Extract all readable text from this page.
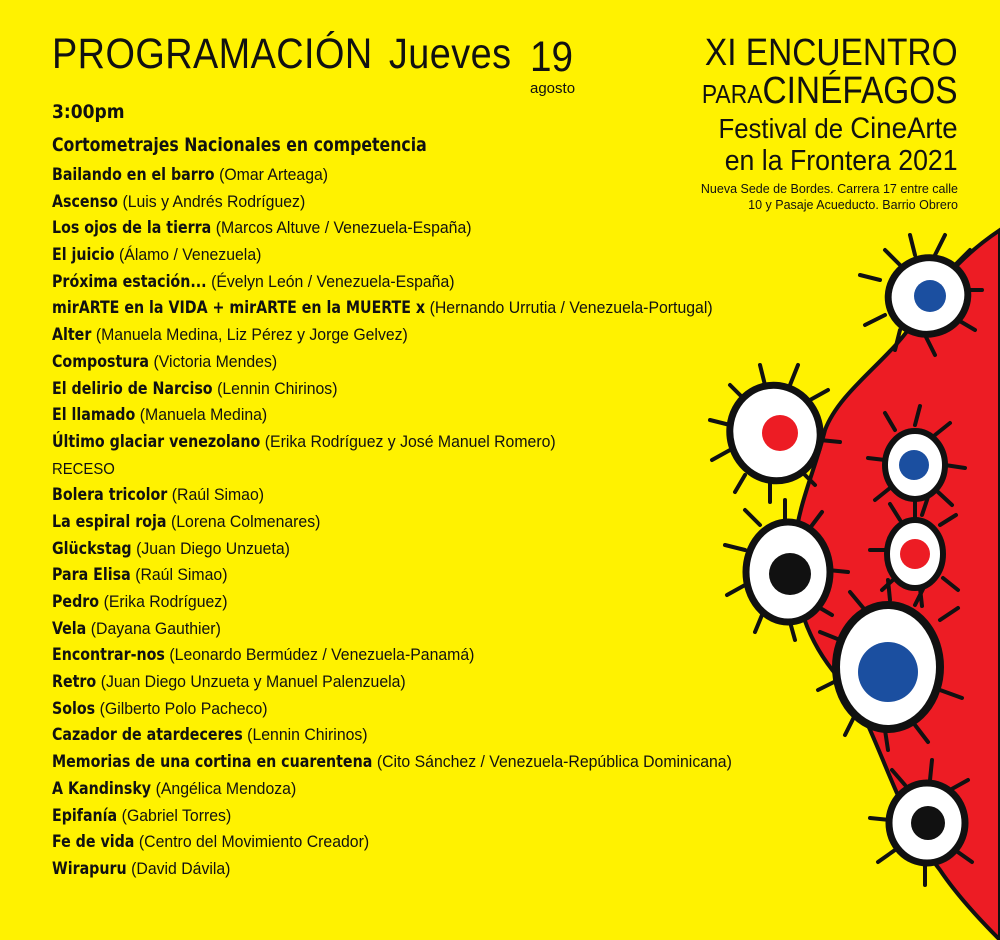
PROGRAMACIÓN Jueves 19
agosto
3:00pm
Cortometrajes Nacionales en competencia
Bailando en el barro (Omar Arteaga)
Ascenso (Luis y Andrés Rodríguez)
Los ojos de la tierra (Marcos Altuve / Venezuela-España)
El juicio (Álamo / Venezuela)
Próxima estación... (Évelyn León / Venezuela-España)
mirARTE en la VIDA + mirARTE en la MUERTE x (Hernando Urrutia / Venezuela-Portugal)
Alter (Manuela Medina, Liz Pérez y Jorge Gelvez)
Compostura (Victoria Mendes)
El delirio de Narciso (Lennin Chirinos)
El llamado (Manuela Medina)
Último glaciar venezolano (Erika Rodríguez y José Manuel Romero)
RECESO
Bolera tricolor (Raúl Simao)
La espiral roja (Lorena Colmenares)
Glückstag (Juan Diego Unzueta)
Para Elisa (Raúl Simao)
Pedro (Erika Rodríguez)
Vela (Dayana Gauthier)
Encontrar-nos (Leonardo Bermúdez / Venezuela-Panamá)
Retro (Juan Diego Unzueta y Manuel Palenzuela)
Solos (Gilberto Polo Pacheco)
Cazador de atardeceres (Lennin Chirinos)
Memorias de una cortina en cuarentena (Cito Sánchez / Venezuela-República Dominicana)
A Kandinsky (Angélica Mendoza)
Epifanía (Gabriel Torres)
Fe de vida (Centro del Movimiento Creador)
Wirapuru (David Dávila)
XI ENCUENTRO
PARACINÉFAGOS
Festival de CineArte
en la Frontera 2021
Nueva Sede de Bordes. Carrera 17 entre calle 10 y Pasaje Acueducto. Barrio Obrero
